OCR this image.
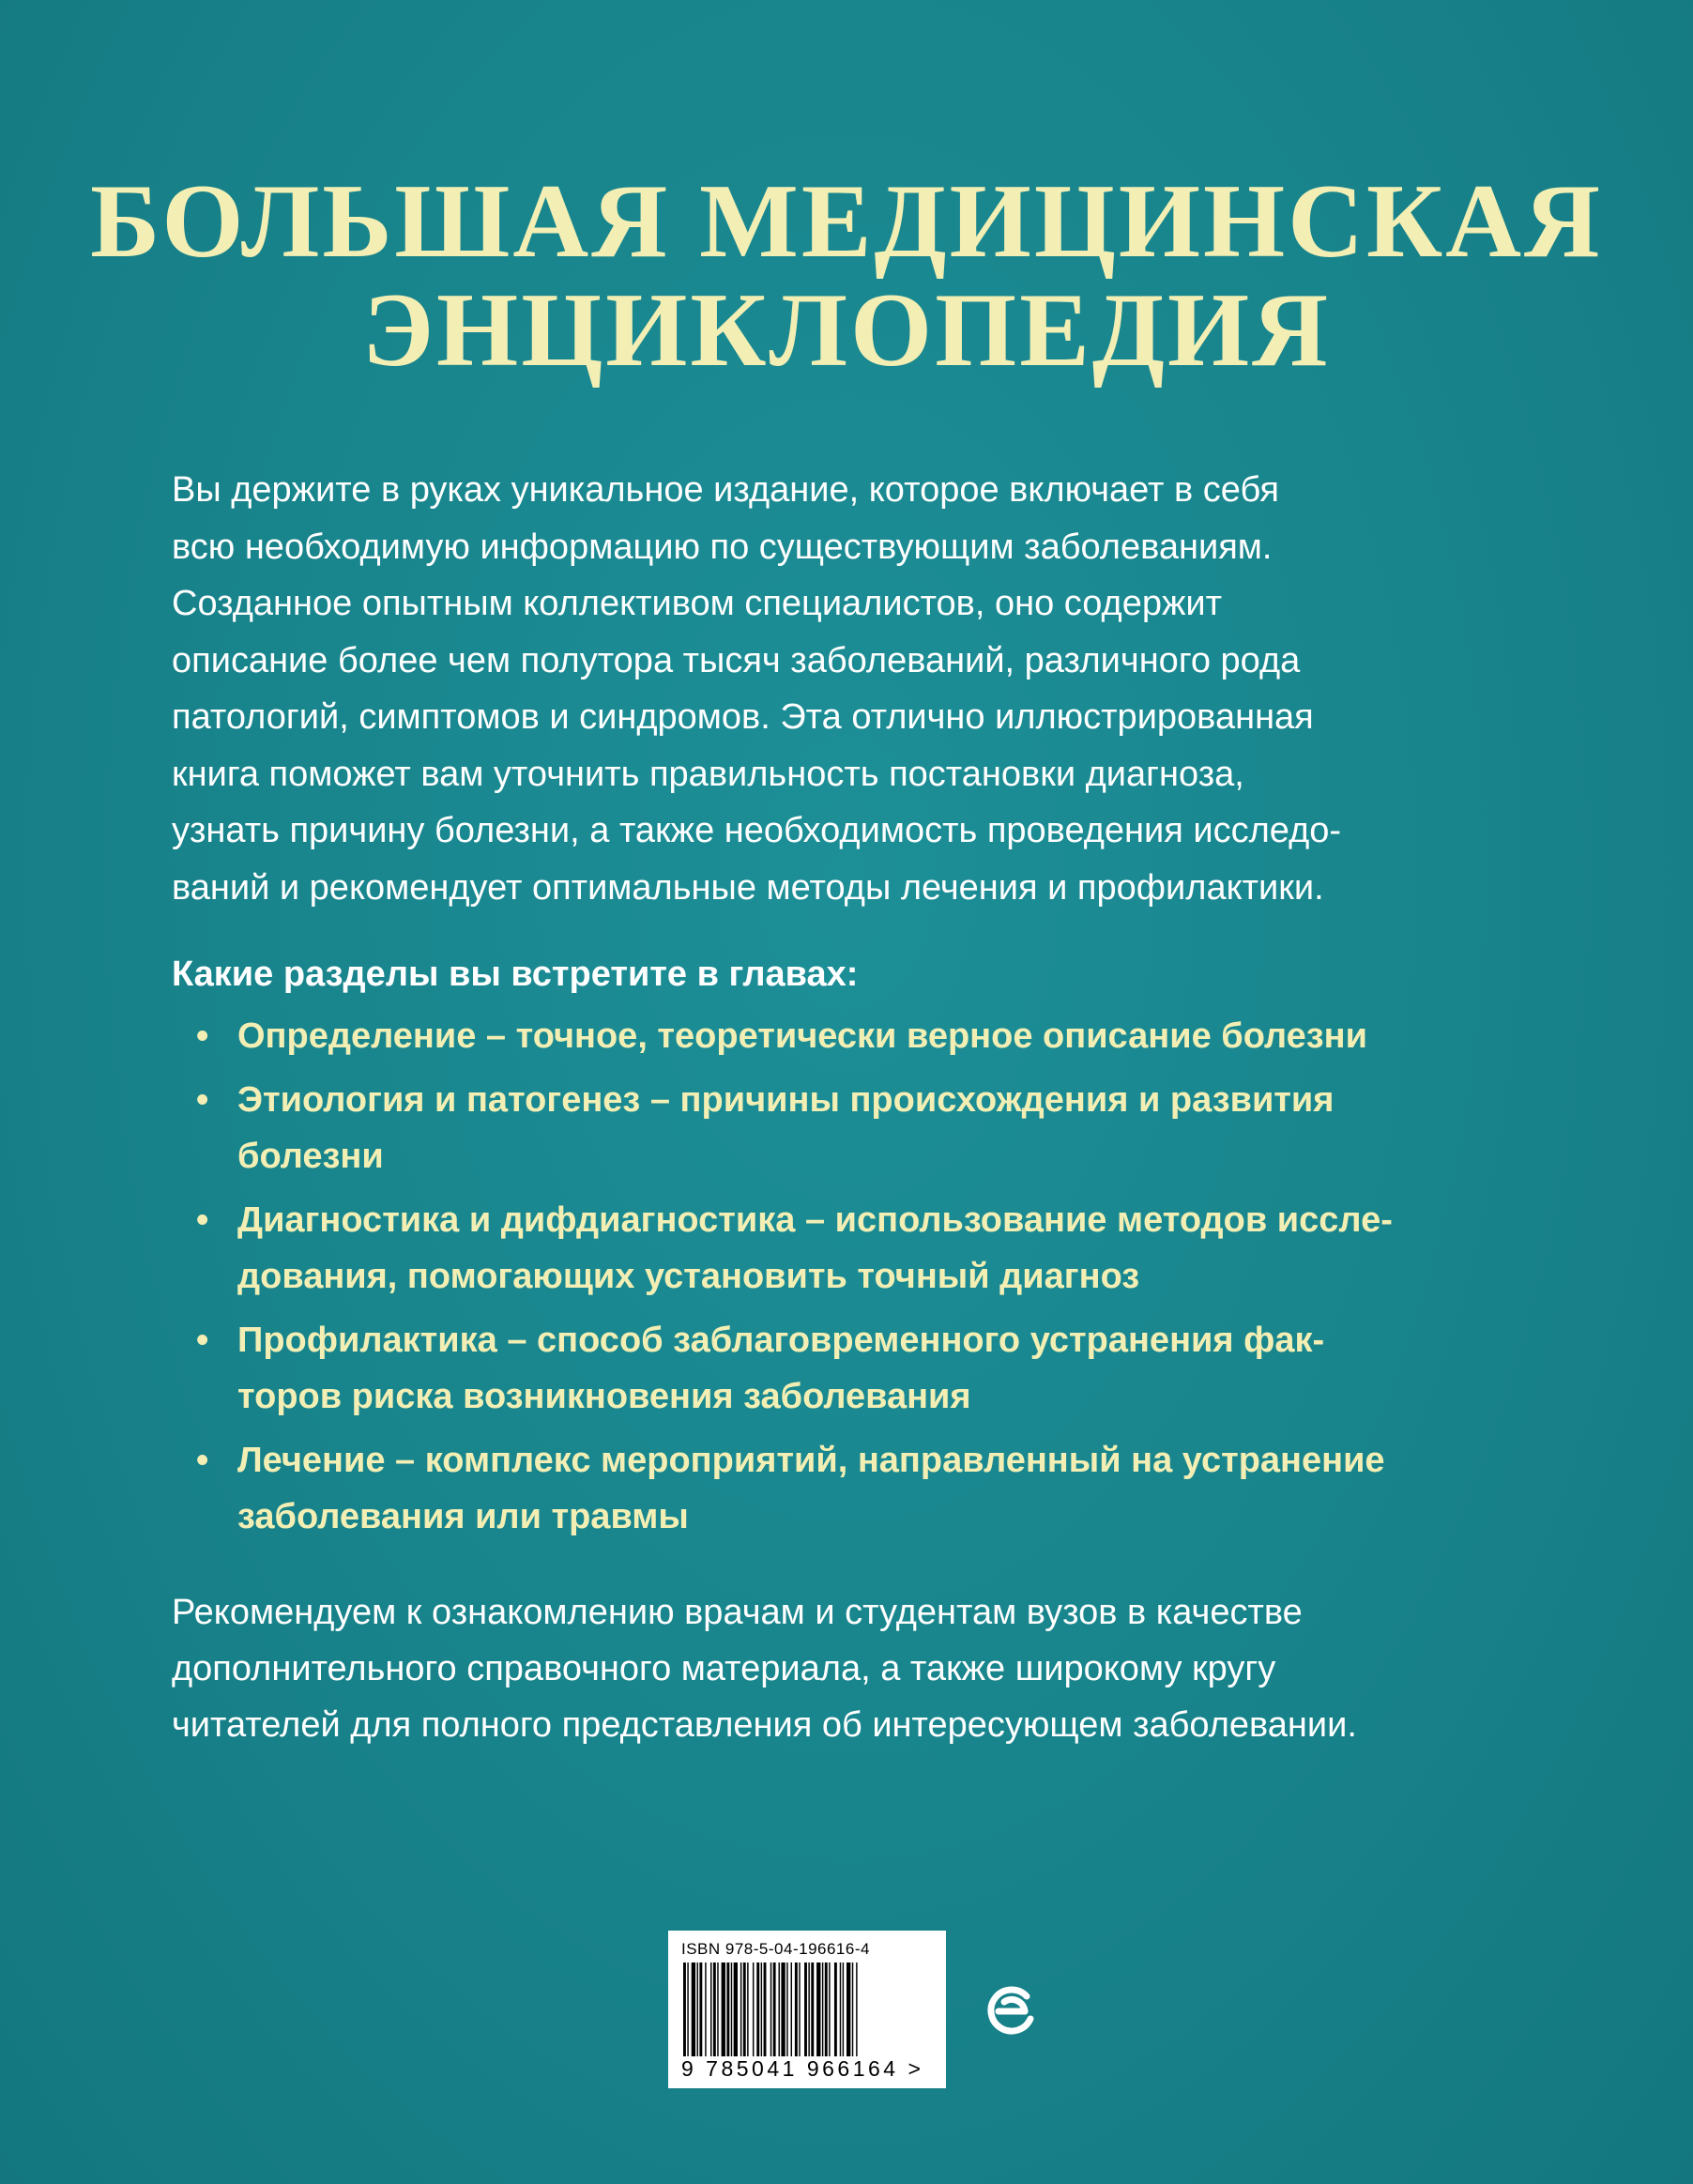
БОЛЬШАЯ МЕДИЦИНСКАЯ
ЭНЦИКЛОПЕДИЯ

Вы держите в руках уникальное издание, которое включает в себя
всю необходимую информацию по существующим заболеваниям.
Созданное опытным коллективом специалистов, оно содержит
описание более чем полутора тысяч заболеваний, различного рода
патологий, симптомов и синдромов. Эта отлично иллюстрированная
книга поможет вам уточнить правильность постановки диагноза,
узнать причину болезни, а также необходимость проведения исследо-
ваний и рекомендует оптимальные методы лечения и профилактики.

Какие разделы вы встретите в главах:

• Определение – точное, теоретически верное описание болезни
• Этиология и патогенез – причины происхождения и развития
болезни
• Диагностика и дифдиагностика – использование методов иссле-
дования, помогающих установить точный диагноз
• Профилактика – способ заблаговременного устранения фак-
торов риска возникновения заболевания
• Лечение – комплекс мероприятий, направленный на устранение
заболевания или травмы

Рекомендуем к ознакомлению врачам и студентам вузов в качестве
дополнительного справочного материала, а также широкому кругу
читателей для полного представления об интересующем заболевании.

ISBN 978-5-04-196616-4
9 785041 966164 >
